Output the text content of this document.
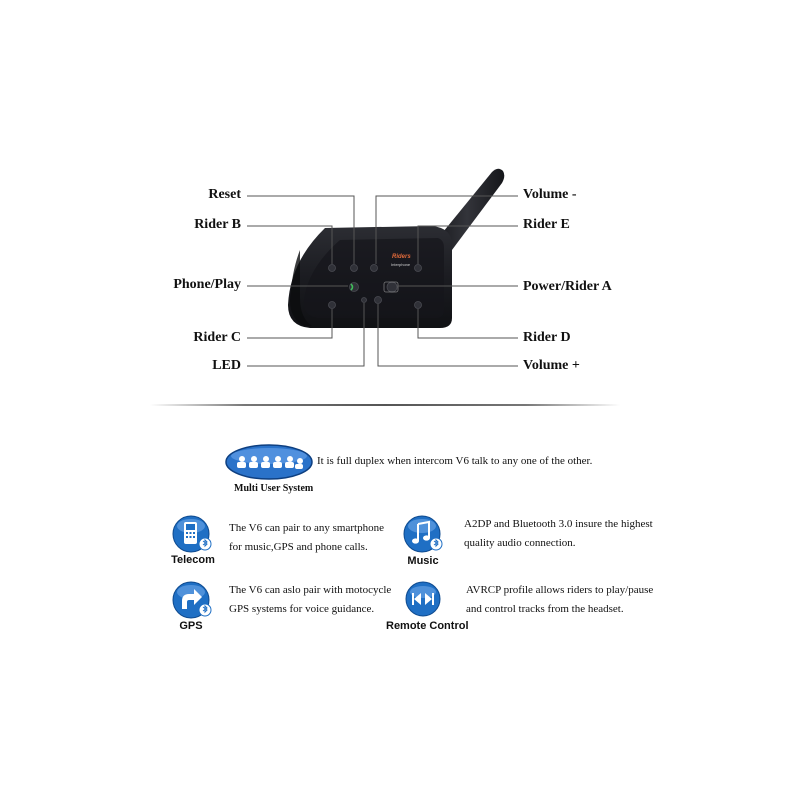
Riders
Interphone
Reset
Rider B
Phone/Play
Rider C
LED
Volume -
Rider E
Power/Rider A
Rider D
Volume +
Multi User System
It is full duplex when intercom V6 talk to any one of the other.
Telecom
The V6 can pair to any smartphone
for music,GPS and phone calls.
Music
A2DP and Bluetooth 3.0 insure the highest
quality audio connection.
GPS
The V6 can aslo pair with motocycle
GPS systems for voice guidance.
Remote Control
AVRCP profile allows riders to play/pause
and control tracks from the headset.
